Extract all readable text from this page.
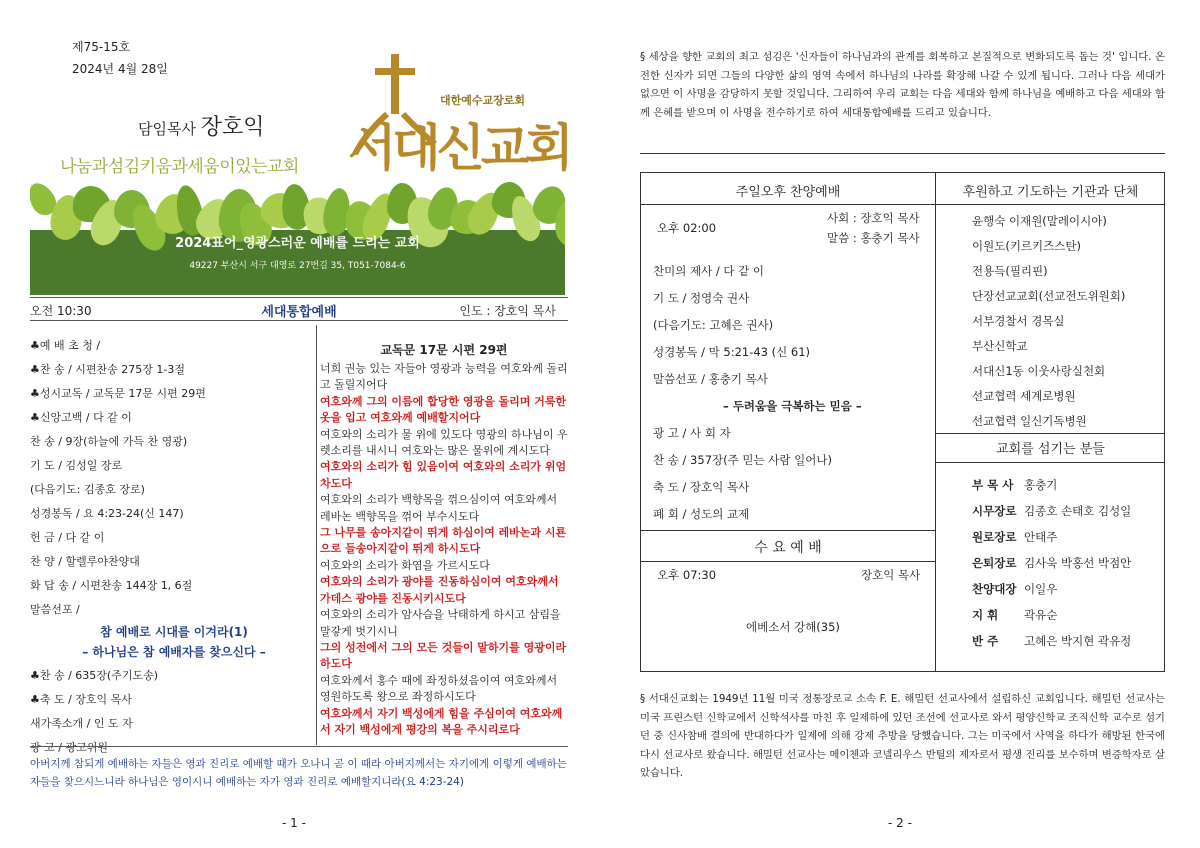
제75-15호
2024년 4월 28일
담임목사 장호익
나눔과섬김키움과세움이있는교회
대한예수교장로회
서대신교회
2024표어_영광스러운 예배를 드리는 교회
49227 부산시 서구 대영로 27번길 35, T051-7084-6
오전 10:30	세대통합예배	인도 : 장호익 목사
♣예 배 초 청 /
♣찬 송 / 시편찬송 275장 1-3절
♣성시교독 / 교독문 17문 시편 29편
♣신앙고백 / 다 같 이
찬 송 / 9장(하늘에 가득 찬 영광)
기 도 / 김성일 장로
(다음기도: 김종호 장로)
성경봉독 / 요 4:23-24(신 147)
헌 금 / 다 같 이
찬 양 / 할렐루야찬양대
화 답 송 / 시편찬송 144장 1, 6절
말씀선포 /
참 예배로 시대를 이겨라(1)
– 하나님은 참 예배자를 찾으신다 –
♣찬 송 / 635장(주기도송)
♣축 도 / 장호익 목사
새가족소개 / 인 도 자
광 고 / 광고위원
교독문 17문 시편 29편

너희 권능 있는 자들아 영광과 능력을 여호와께 돌리고 돌릴지어다

여호와께 그의 이름에 합당한 영광을 돌리며 거룩한 옷을 입고 여호와께 예배할지어다

여호와의 소리가 물 위에 있도다 영광의 하나님이 우렛소리를 내시니 여호와는 많은 물위에 계시도다

여호와의 소리가 힘 있음이여 여호와의 소리가 위엄차도다

여호와의 소리가 백향목을 꺾으심이여 여호와께서 레바논 백향목을 꺾어 부수시도다

그 나무를 송아지같이 뛰게 하심이여 레바논과 시룐으로 들송아지같이 뛰게 하시도다

여호와의 소리가 화염을 가르시도다

여호와의 소리가 광야를 진동하심이여 여호와께서 가데스 광야를 진동시키시도다

여호와의 소리가 암사슴을 낙태하게 하시고 삼림을 말갛게 벗기시니

그의 성전에서 그의 모든 것들이 말하기를 영광이라 하도다

여호와께서 홍수 때에 좌정하셨음이여 여호와께서 영원하도록 왕으로 좌정하시도다

여호와께서 자기 백성에게 힘을 주심이여 여호와께서 자기 백성에게 평강의 복을 주시리로다

아버지께 참되게 예배하는 자들은 영과 진리로 예배할 때가 오나니 곧 이 때라 아버지께서는 자기에게 이렇게 예배하는 자들을 찾으시느니라 하나님은 영이시니 예배하는 자가 영과 진리로 예배할지니라(요 4:23-24)
- 1 -
§ 세상을 향한 교회의 최고 섬김은 '신자들이 하나님과의 관계를 회복하고 본질적으로 변화되도록 돕는 것' 입니다. 온전한 신자가 되면 그들의 다양한 삶의 영역 속에서 하나님의 나라를 확장해 나갈 수 있게 됩니다. 그러나 다음 세대가 없으면 이 사명을 감당하지 못할 것입니다. 그리하여 우리 교회는 다음 세대와 함께 하나님을 예배하고 다음 세대와 함께 은혜를 받으며 이 사명을 전수하기로 하여 세대통합예배를 드리고 있습니다.
주일오후 찬양예배
오후 02:00
사회 : 장호익 목사
말씀 : 홍충기 목사
찬미의 제사 / 다 같 이
기 도 / 정영숙 권사
(다음기도: 고혜은 권사)
성경봉독 / 막 5:21-43 (신 61)
말씀선포 / 홍충기 목사
– 두려움을 극복하는 믿음 –
광 고 / 사 회 자
찬 송 / 357장(주 믿는 사람 일어나)
축 도 / 장호익 목사
폐 회 / 성도의 교제
수 요 예 배
오후 07:30	장호익 목사
에베소서 강해(35)
후원하고 기도하는 기관과 단체
윤행숙 이재원(말레이시아)
이원도(키르키즈스탄)
전용득(필리핀)
단장선교교회(선교전도위원회)
서부경찰서 경목실
부산신학교
서대신1동 이웃사랑실천회
선교협력 세계로병원
선교협력 일신기독병원
교회를 섬기는 분들
부 목 사 홍충기
시무장로 김종호 손태호 김성일
원로장로 안태주
은퇴장로 김사욱 박홍선 박점안
찬양대장 이일우
지 휘 곽유순
반 주 고혜은 박지현 곽유정
§ 서대신교회는 1949년 11월 미국 정통장로교 소속 F. E. 해밀턴 선교사에서 설립하신 교회입니다. 해밀턴 선교사는 미국 프린스턴 신학교에서 신학석사를 마친 후 일제하에 있던 조선에 선교사로 와서 평양신학교 조직신학 교수로 섬기던 중 신사참배 결의에 반대하다가 일제에 의해 강제 추방을 당했습니다. 그는 미국에서 사역을 하다가 해방된 한국에 다시 선교사로 왔습니다. 해밀턴 선교사는 메이첸과 코넬리우스 반틸의 제자로서 평생 진리를 보수하며 변증학자로 살았습니다.
- 2 -
